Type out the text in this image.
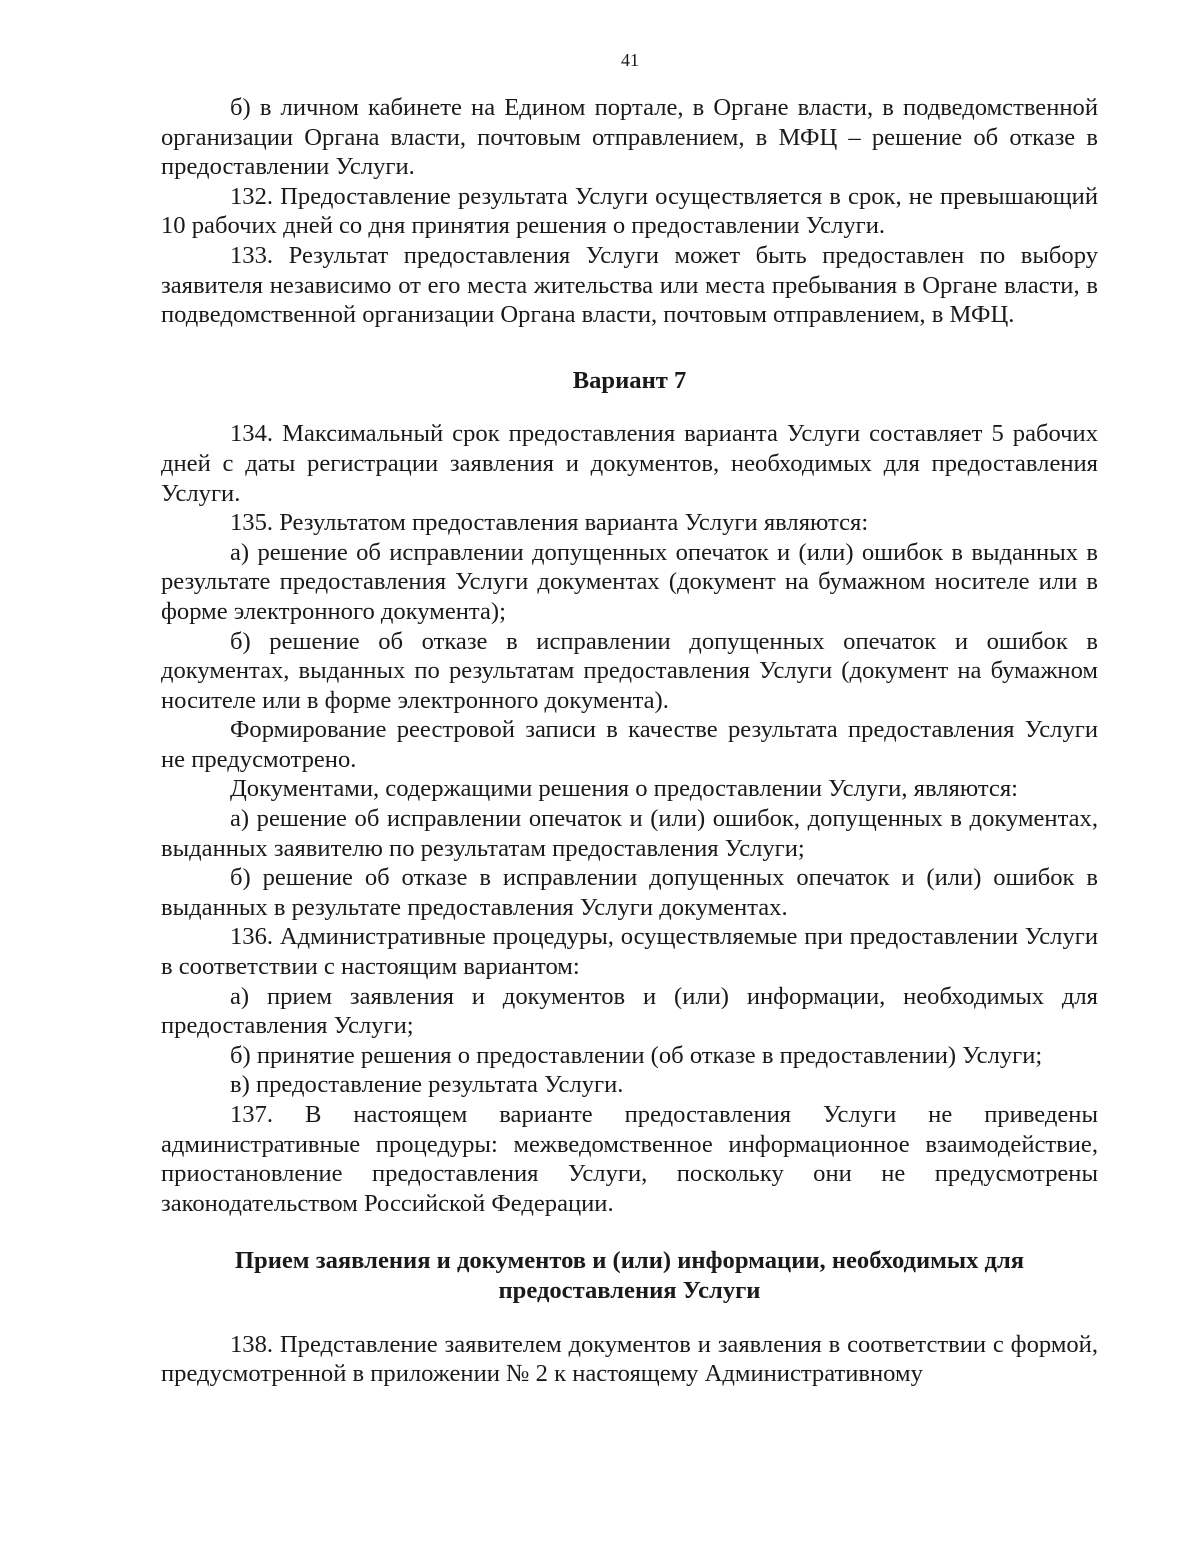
41

б) в личном кабинете на Едином портале, в Органе власти, в подведомственной организации Органа власти, почтовым отправлением, в МФЦ – решение об отказе в предоставлении Услуги.

132. Предоставление результата Услуги осуществляется в срок, не превышающий 10 рабочих дней со дня принятия решения о предоставлении Услуги.

133. Результат предоставления Услуги может быть предоставлен по выбору заявителя независимо от его места жительства или места пребывания в Органе власти, в подведомственной организации Органа власти, почтовым отправлением, в МФЦ.

Вариант 7

134. Максимальный срок предоставления варианта Услуги составляет 5 рабочих дней с даты регистрации заявления и документов, необходимых для предоставления Услуги.

135. Результатом предоставления варианта Услуги являются:

а) решение об исправлении допущенных опечаток и (или) ошибок в выданных в результате предоставления Услуги документах (документ на бумажном носителе или в форме электронного документа);

б) решение об отказе в исправлении допущенных опечаток и ошибок в документах, выданных по результатам предоставления Услуги (документ на бумажном носителе или в форме электронного документа).

Формирование реестровой записи в качестве результата предоставления Услуги не предусмотрено.

Документами, содержащими решения о предоставлении Услуги, являются:

а) решение об исправлении опечаток и (или) ошибок, допущенных в документах, выданных заявителю по результатам предоставления Услуги;

б) решение об отказе в исправлении допущенных опечаток и (или) ошибок в выданных в результате предоставления Услуги документах.

136. Административные процедуры, осуществляемые при предоставлении Услуги в соответствии с настоящим вариантом:

а) прием заявления и документов и (или) информации, необходимых для предоставления Услуги;

б) принятие решения о предоставлении (об отказе в предоставлении) Услуги;

в) предоставление результата Услуги.

137. В настоящем варианте предоставления Услуги не приведены административные процедуры: межведомственное информационное взаимодействие, приостановление предоставления Услуги, поскольку они не предусмотрены законодательством Российской Федерации.

Прием заявления и документов и (или) информации, необходимых для предоставления Услуги

138. Представление заявителем документов и заявления в соответствии с формой, предусмотренной в приложении № 2 к настоящему Административному
